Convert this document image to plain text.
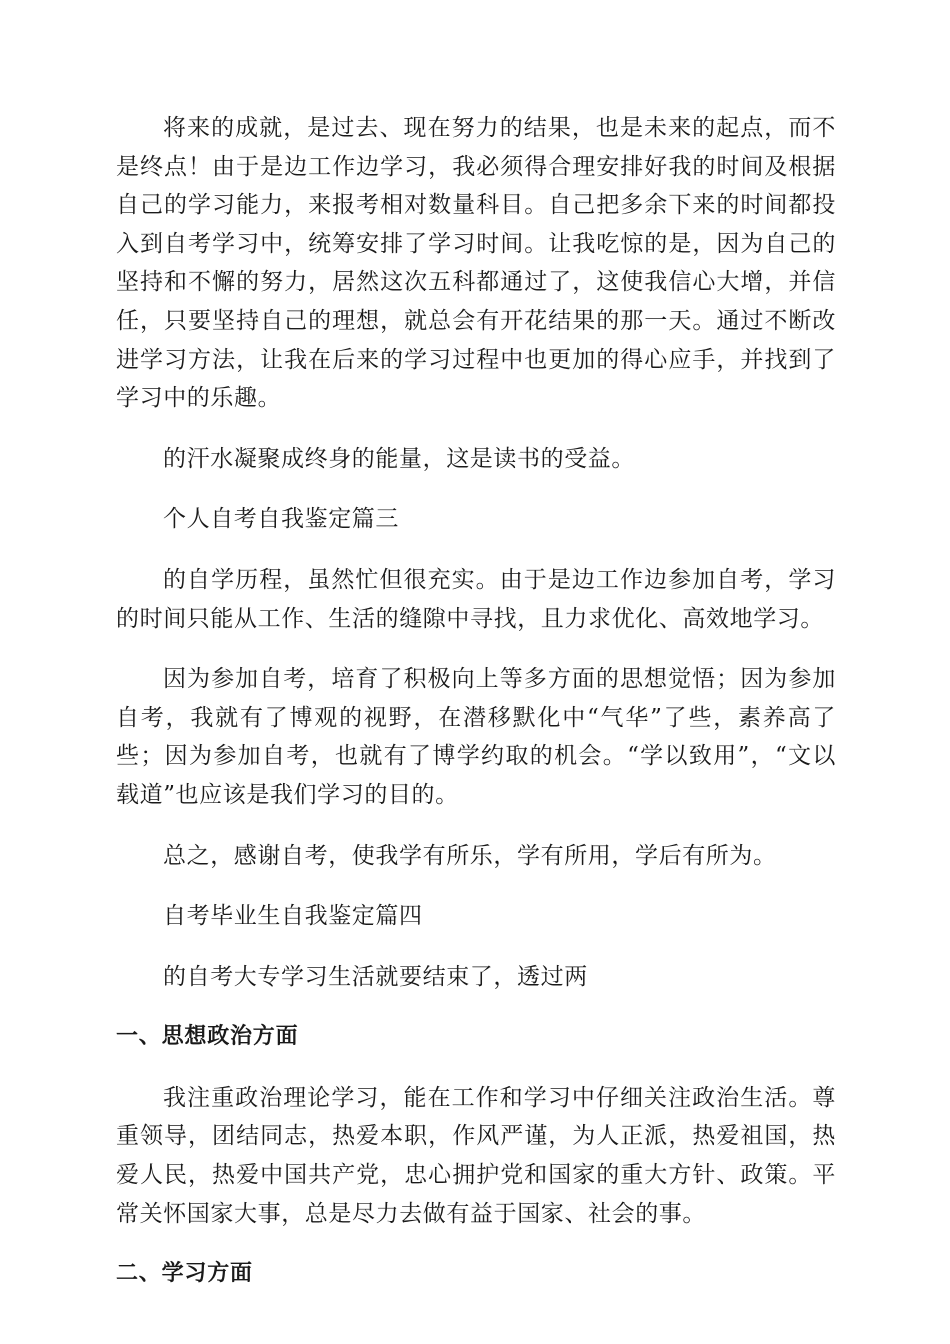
将来的成就，是过去、现在努力的结果，也是未来的起点，而不是终点！由于是边工作边学习，我必须得合理安排好我的时间及根据自己的学习能力，来报考相对数量科目。自己把多余下来的时间都投入到自考学习中，统筹安排了学习时间。让我吃惊的是，因为自己的坚持和不懈的努力，居然这次五科都通过了，这使我信心大增，并信任，只要坚持自己的理想，就总会有开花结果的那一天。通过不断改进学习方法，让我在后来的学习过程中也更加的得心应手，并找到了学习中的乐趣。

的汗水凝聚成终身的能量，这是读书的受益。

个人自考自我鉴定篇三

的自学历程，虽然忙但很充实。由于是边工作边参加自考，学习的时间只能从工作、生活的缝隙中寻找，且力求优化、高效地学习。

因为参加自考，培育了积极向上等多方面的思想觉悟；因为参加自考，我就有了博观的视野，在潜移默化中“气华”了些，素养高了些；因为参加自考，也就有了博学约取的机会。“学以致用”，“文以载道”也应该是我们学习的目的。

总之，感谢自考，使我学有所乐，学有所用，学后有所为。

自考毕业生自我鉴定篇四

的自考大专学习生活就要结束了，透过两

一、思想政治方面

我注重政治理论学习，能在工作和学习中仔细关注政治生活。尊重领导，团结同志，热爱本职，作风严谨，为人正派，热爱祖国，热爱人民，热爱中国共产党，忠心拥护党和国家的重大方针、政策。平常关怀国家大事，总是尽力去做有益于国家、社会的事。

二、学习方面
